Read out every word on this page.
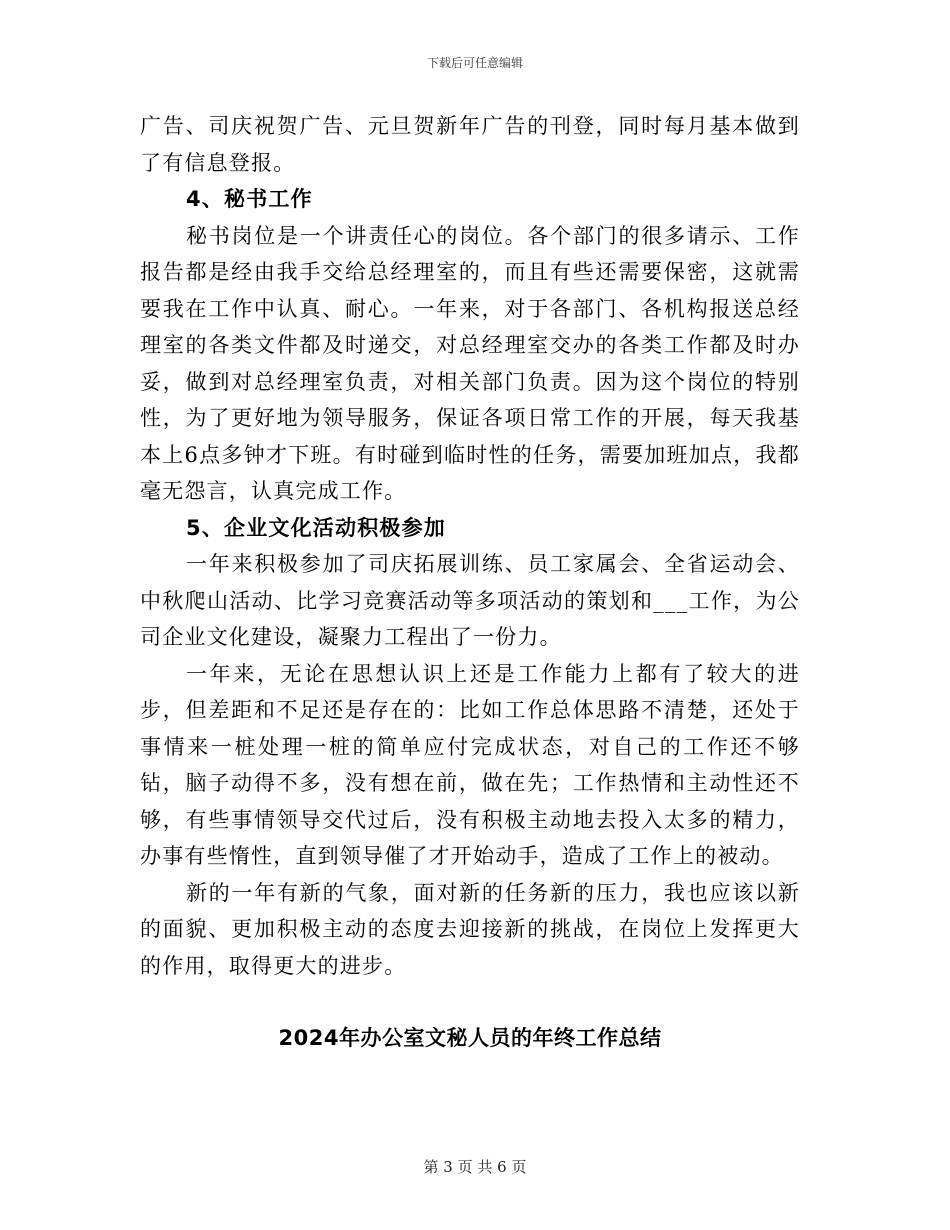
下载后可任意编辑

广告、司庆祝贺广告、元旦贺新年广告的刊登，同时每月基本做到了有信息登报。

4、秘书工作

秘书岗位是一个讲责任心的岗位。各个部门的很多请示、工作报告都是经由我手交给总经理室的，而且有些还需要保密，这就需要我在工作中认真、耐心。一年来，对于各部门、各机构报送总经理室的各类文件都及时递交，对总经理室交办的各类工作都及时办妥，做到对总经理室负责，对相关部门负责。因为这个岗位的特别性，为了更好地为领导服务，保证各项日常工作的开展，每天我基本上6点多钟才下班。有时碰到临时性的任务，需要加班加点，我都毫无怨言，认真完成工作。

5、企业文化活动积极参加

一年来积极参加了司庆拓展训练、员工家属会、全省运动会、中秋爬山活动、比学习竞赛活动等多项活动的策划和___工作，为公司企业文化建设，凝聚力工程出了一份力。

一年来，无论在思想认识上还是工作能力上都有了较大的进步，但差距和不足还是存在的：比如工作总体思路不清楚，还处于事情来一桩处理一桩的简单应付完成状态，对自己的工作还不够钻，脑子动得不多，没有想在前，做在先；工作热情和主动性还不够，有些事情领导交代过后，没有积极主动地去投入太多的精力，办事有些惰性，直到领导催了才开始动手，造成了工作上的被动。

新的一年有新的气象，面对新的任务新的压力，我也应该以新的面貌、更加积极主动的态度去迎接新的挑战，在岗位上发挥更大的作用，取得更大的进步。

2024年办公室文秘人员的年终工作总结
第 3 页 共 6 页
